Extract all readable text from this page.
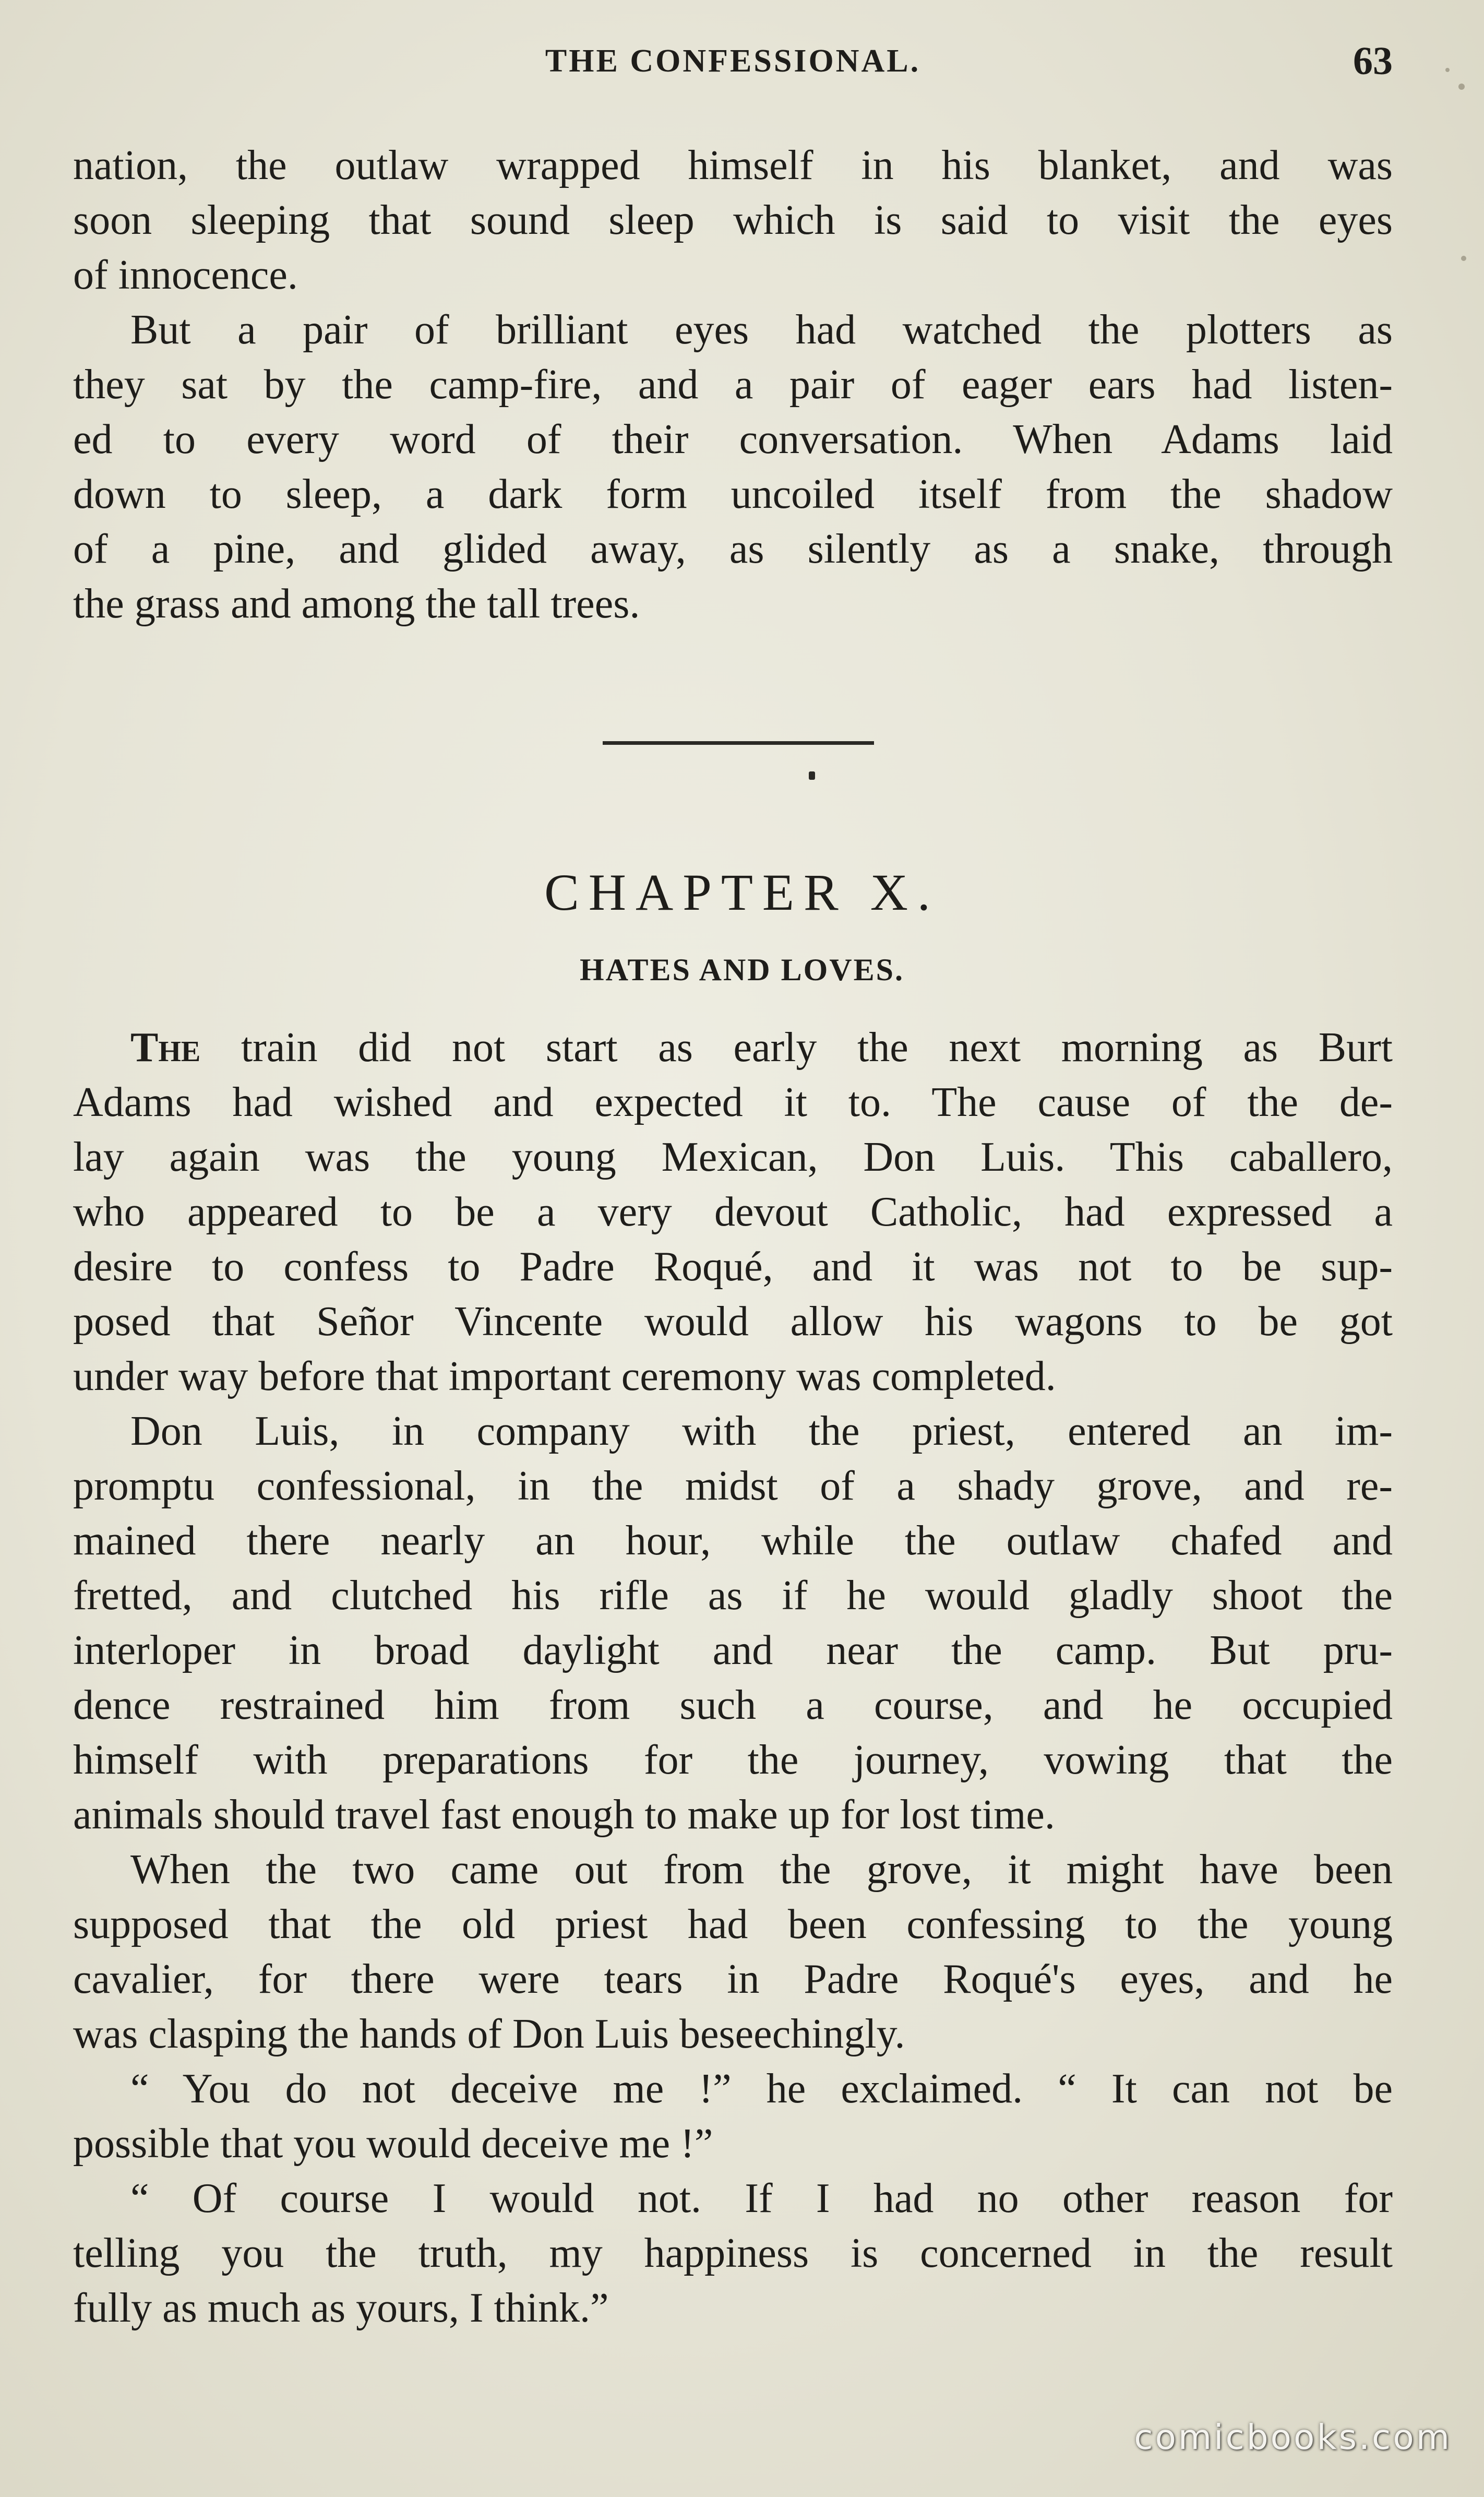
THE CONFESSIONAL.	63
nation, the outlaw wrapped himself in his blanket, and was
soon sleeping that sound sleep which is said to visit the eyes
of innocence.
But a pair of brilliant eyes had watched the plotters as
they sat by the camp-fire, and a pair of eager ears had listen-
ed to every word of their conversation. When Adams laid
down to sleep, a dark form uncoiled itself from the shadow
of a pine, and glided away, as silently as a snake, through
the grass and among the tall trees.
CHAPTER X.
HATES AND LOVES.
The train did not start as early the next morning as Burt
Adams had wished and expected it to. The cause of the de-
lay again was the young Mexican, Don Luis. This caballero,
who appeared to be a very devout Catholic, had expressed a
desire to confess to Padre Roqué, and it was not to be sup-
posed that Señor Vincente would allow his wagons to be got
under way before that important ceremony was completed.
Don Luis, in company with the priest, entered an im-
promptu confessional, in the midst of a shady grove, and re-
mained there nearly an hour, while the outlaw chafed and
fretted, and clutched his rifle as if he would gladly shoot the
interloper in broad daylight and near the camp. But pru-
dence restrained him from such a course, and he occupied
himself with preparations for the journey, vowing that the
animals should travel fast enough to make up for lost time.
When the two came out from the grove, it might have been
supposed that the old priest had been confessing to the young
cavalier, for there were tears in Padre Roqué's eyes, and he
was clasping the hands of Don Luis beseechingly.
“ You do not deceive me !” he exclaimed. “ It can not be
possible that you would deceive me !”
“ Of course I would not. If I had no other reason for
telling you the truth, my happiness is concerned in the result
fully as much as yours, I think.”
comicbooks.com
